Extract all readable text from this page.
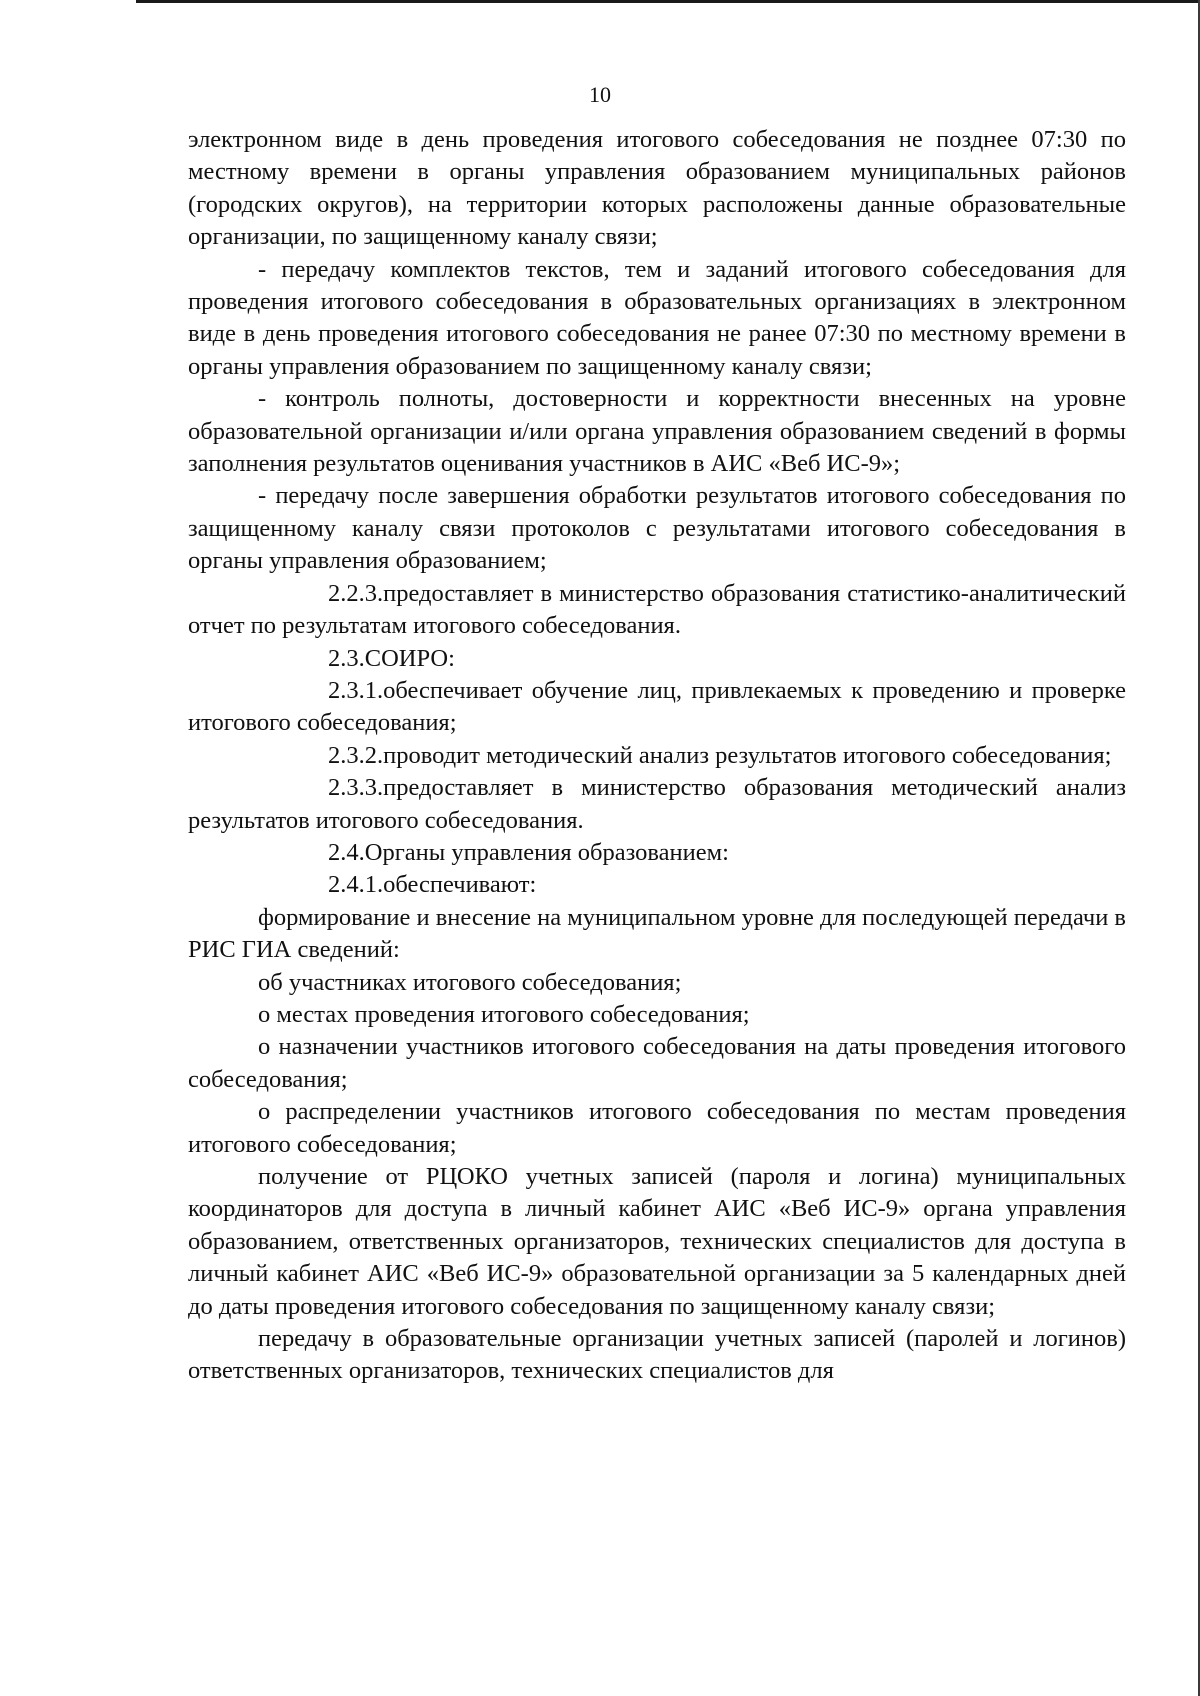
10

электронном виде в день проведения итогового собеседования не позднее 07:30 по местному времени в органы управления образованием муниципальных районов (городских округов), на территории которых расположены данные образовательные организации, по защищенному каналу связи;

- передачу комплектов текстов, тем и заданий итогового собеседования для проведения итогового собеседования в образовательных организациях в электронном виде в день проведения итогового собеседования не ранее 07:30 по местному времени в органы управления образованием по защищенному каналу связи;

- контроль полноты, достоверности и корректности внесенных на уровне образовательной организации и/или органа управления образованием сведений в формы заполнения результатов оценивания участников в АИС «Веб ИС-9»;

- передачу после завершения обработки результатов итогового собеседования по защищенному каналу связи протоколов с результатами итогового собеседования в органы управления образованием;

2.2.3.предоставляет в министерство образования статистико-аналитический отчет по результатам итогового собеседования.

2.3.СОИРО:

2.3.1.обеспечивает обучение лиц, привлекаемых к проведению и проверке итогового собеседования;

2.3.2.проводит методический анализ результатов итогового собеседования;

2.3.3.предоставляет в министерство образования методический анализ результатов итогового собеседования.

2.4.Органы управления образованием:

2.4.1.обеспечивают:

формирование и внесение на муниципальном уровне для последующей передачи в РИС ГИА сведений:

об участниках итогового собеседования;

о местах проведения итогового собеседования;

о назначении участников итогового собеседования на даты проведения итогового собеседования;

о распределении участников итогового собеседования по местам проведения итогового собеседования;

получение от РЦОКО учетных записей (пароля и логина) муниципальных координаторов для доступа в личный кабинет АИС «Веб ИС-9» органа управления образованием, ответственных организаторов, технических специалистов для доступа в личный кабинет АИС «Веб ИС-9» образовательной организации за 5 календарных дней до даты проведения итогового собеседования по защищенному каналу связи;

передачу в образовательные организации учетных записей (паролей и логинов) ответственных организаторов, технических специалистов для
